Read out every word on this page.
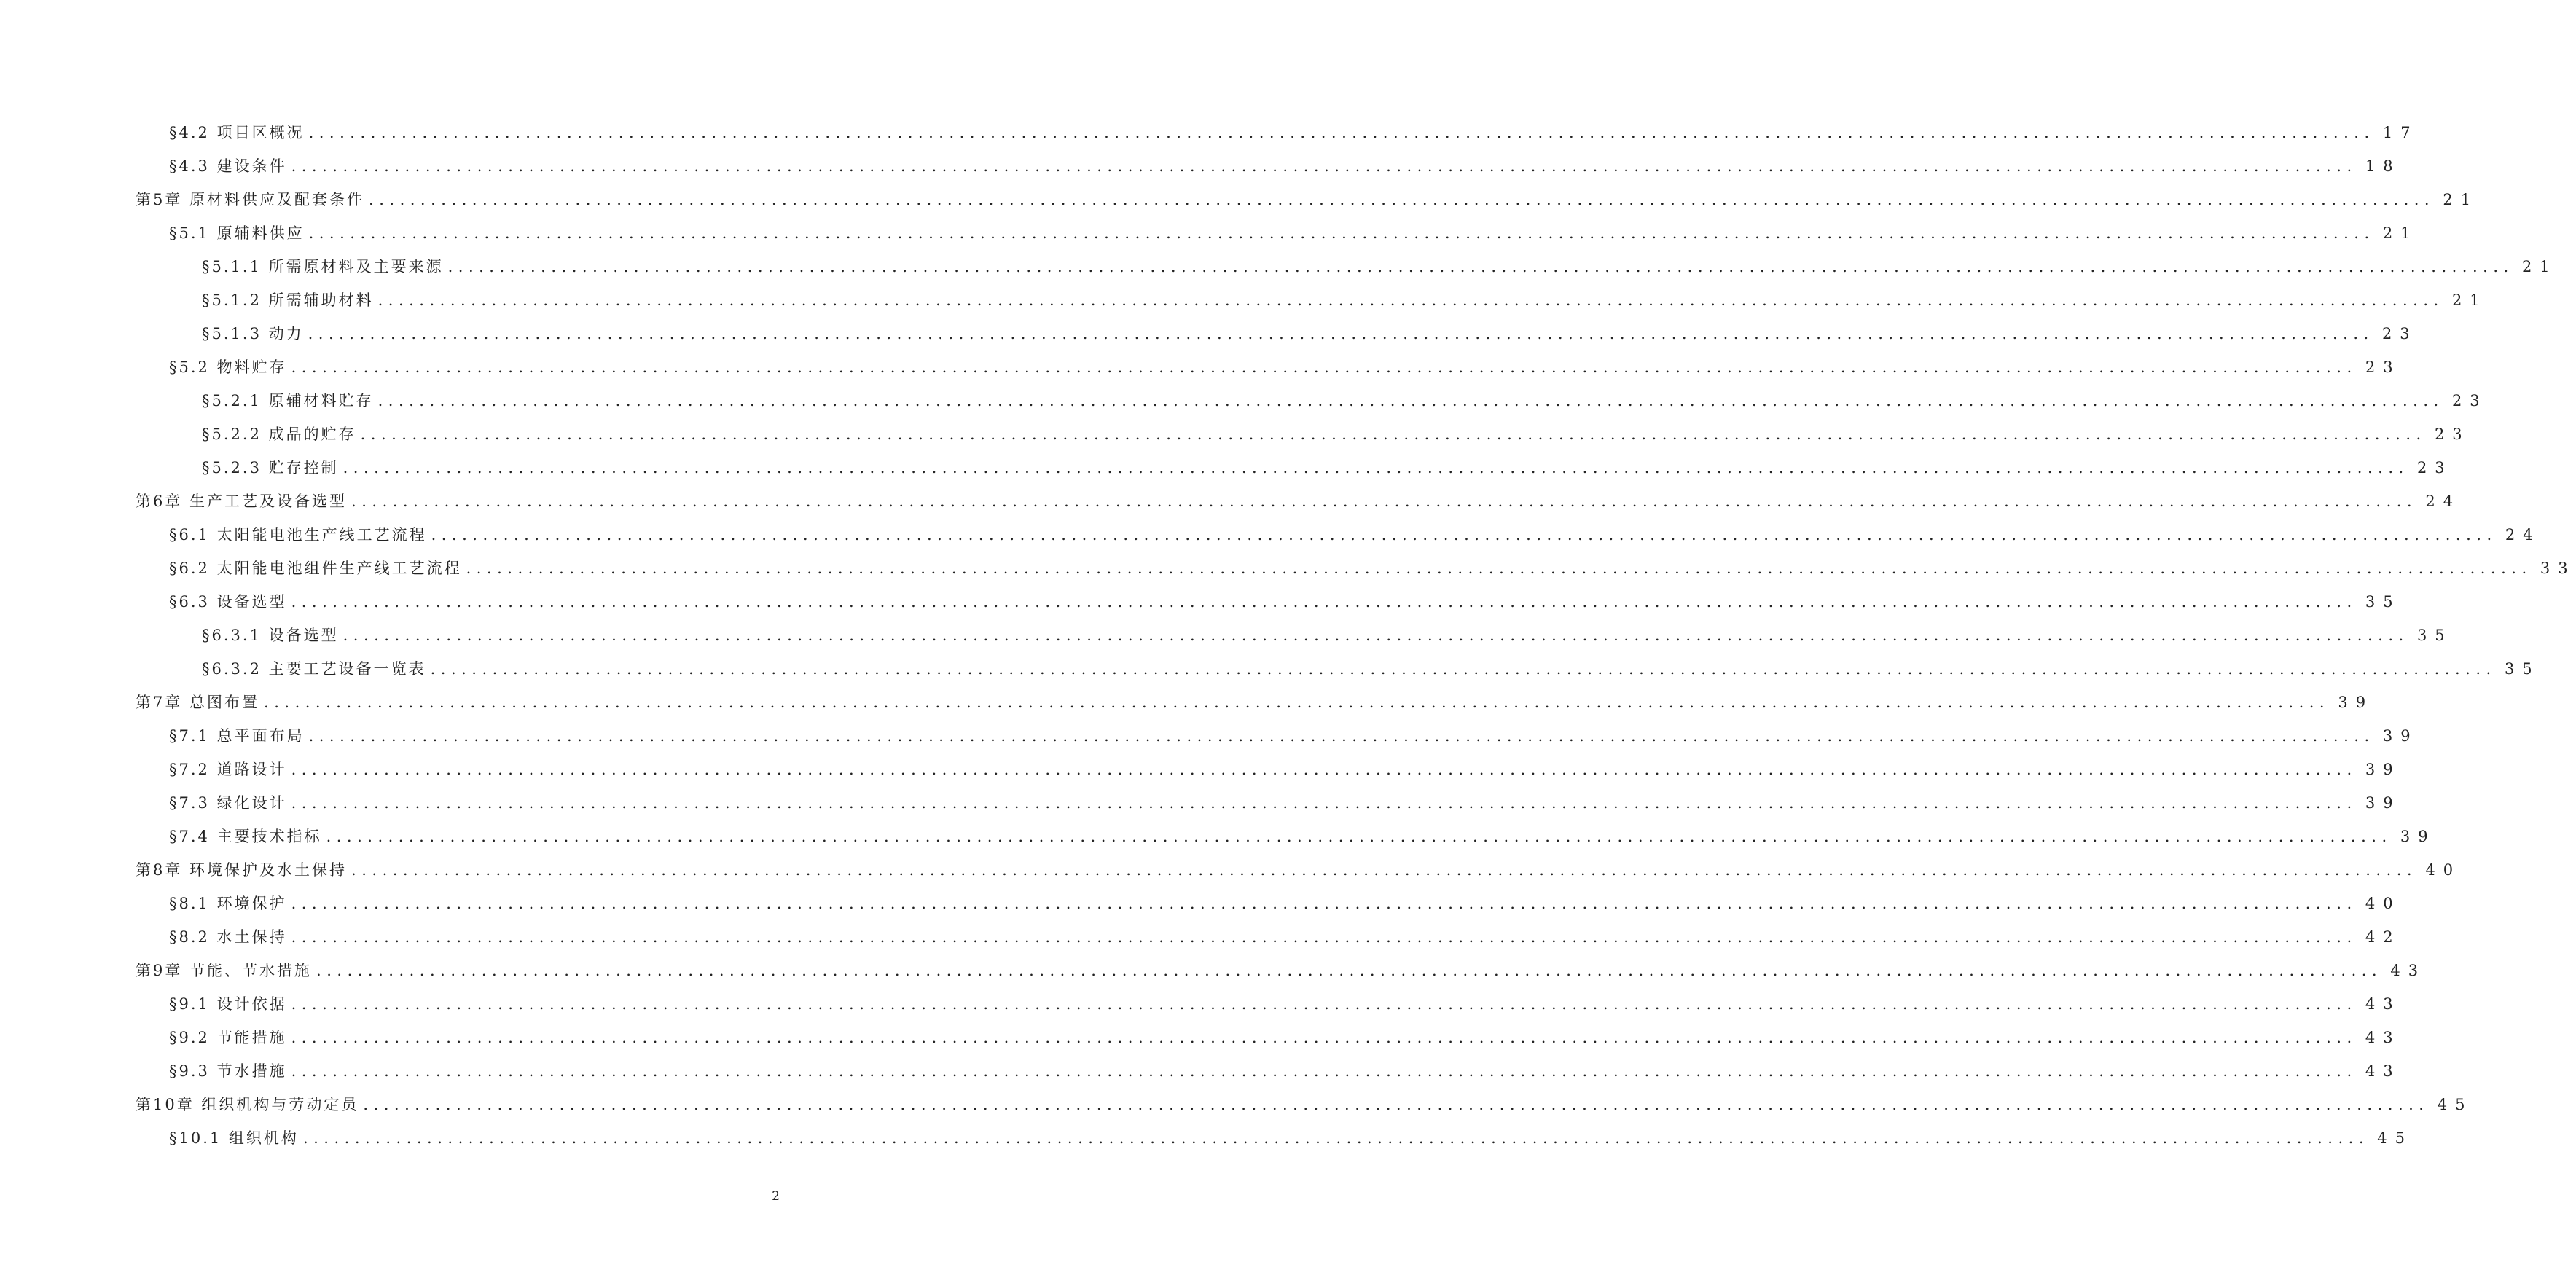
§4.2 项目区概况 ........................................................................................................................................................................................................ 17
§4.3 建设条件 ........................................................................................................................................................................................................ 18
第5章 原材料供应及配套条件 ........................................................................................................................................................................................................ 21
§5.1 原辅料供应 ........................................................................................................................................................................................................ 21
§5.1.1 所需原材料及主要来源 ........................................................................................................................................................................................................ 21
§5.1.2 所需辅助材料 ........................................................................................................................................................................................................ 21
§5.1.3 动力 ........................................................................................................................................................................................................ 23
§5.2 物料贮存 ........................................................................................................................................................................................................ 23
§5.2.1 原辅材料贮存 ........................................................................................................................................................................................................ 23
§5.2.2 成品的贮存 ........................................................................................................................................................................................................ 23
§5.2.3 贮存控制 ........................................................................................................................................................................................................ 23
第6章 生产工艺及设备选型 ........................................................................................................................................................................................................ 24
§6.1 太阳能电池生产线工艺流程 ........................................................................................................................................................................................................ 24
§6.2 太阳能电池组件生产线工艺流程 ........................................................................................................................................................................................................ 33
§6.3 设备选型 ........................................................................................................................................................................................................ 35
§6.3.1 设备选型 ........................................................................................................................................................................................................ 35
§6.3.2 主要工艺设备一览表 ........................................................................................................................................................................................................ 35
第7章 总图布置 ........................................................................................................................................................................................................ 39
§7.1 总平面布局 ........................................................................................................................................................................................................ 39
§7.2 道路设计 ........................................................................................................................................................................................................ 39
§7.3 绿化设计 ........................................................................................................................................................................................................ 39
§7.4 主要技术指标 ........................................................................................................................................................................................................ 39
第8章 环境保护及水土保持 ........................................................................................................................................................................................................ 40
§8.1 环境保护 ........................................................................................................................................................................................................ 40
§8.2 水土保持 ........................................................................................................................................................................................................ 42
第9章 节能、节水措施 ........................................................................................................................................................................................................ 43
§9.1 设计依据 ........................................................................................................................................................................................................ 43
§9.2 节能措施 ........................................................................................................................................................................................................ 43
§9.3 节水措施 ........................................................................................................................................................................................................ 43
第10章 组织机构与劳动定员 ........................................................................................................................................................................................................ 45
§10.1 组织机构 ........................................................................................................................................................................................................ 45
2
